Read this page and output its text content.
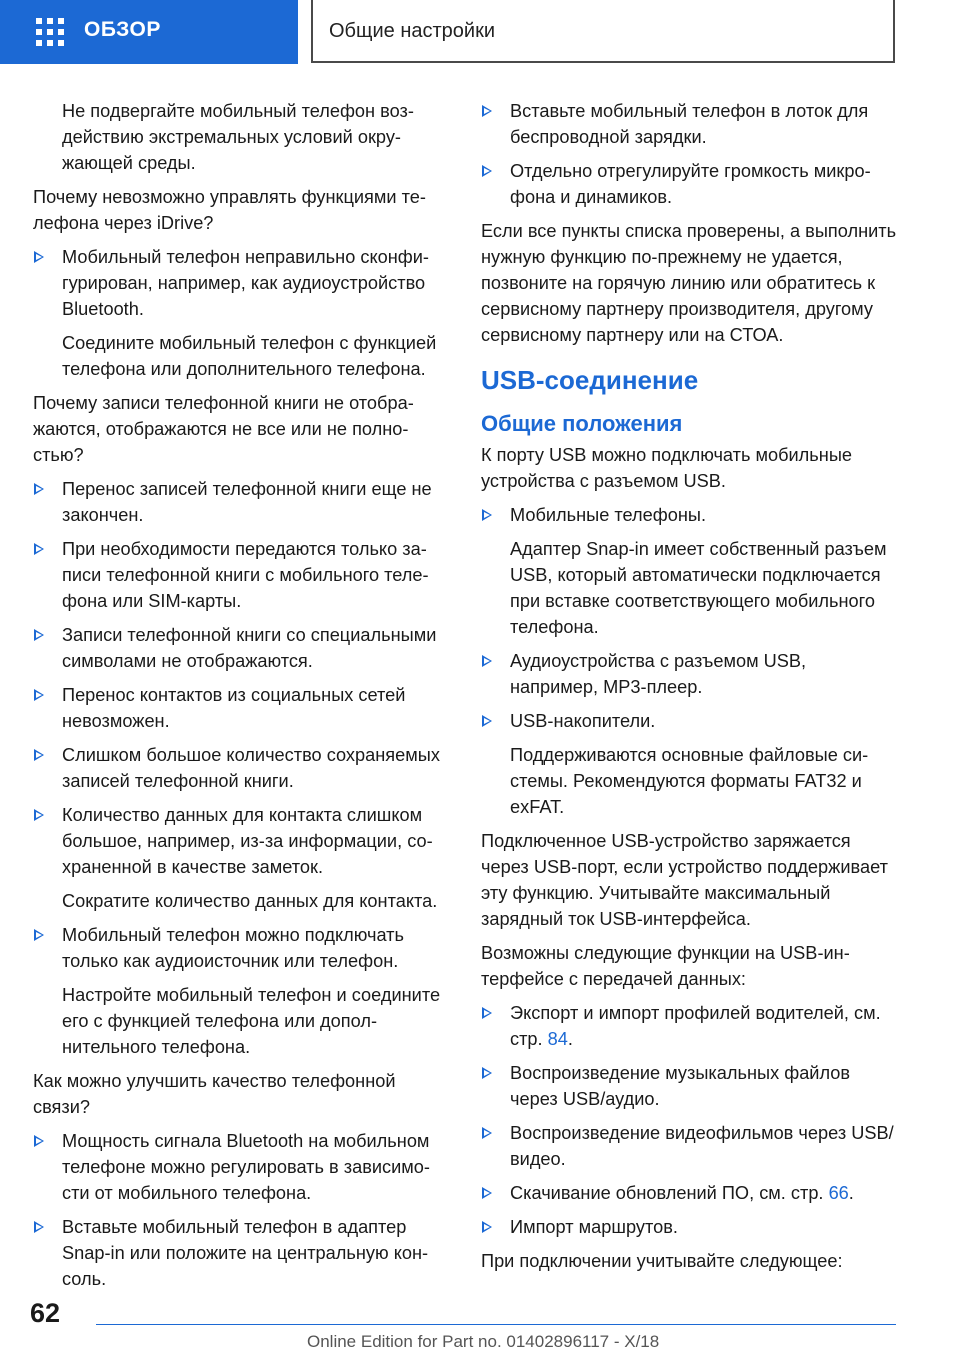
ОБЗОР	Общие настройки

Не подвергайте мобильный телефон воздействию экстремальных условий окружающей среды.

Почему невозможно управлять функциями телефона через iDrive?

Мобильный телефон неправильно сконфигурирован, например, как аудиоустройство Bluetooth.

Соедините мобильный телефон с функцией телефона или дополнительного телефона.

Почему записи телефонной книги не отображаются, отображаются не все или не полностью?

Перенос записей телефонной книги еще не закончен.
При необходимости передаются только записи телефонной книги с мобильного телефона или SIM-карты.
Записи телефонной книги со специальными символами не отображаются.
Перенос контактов из социальных сетей невозможен.
Слишком большое количество сохраняемых записей телефонной книги.
Количество данных для контакта слишком большое, например, из-за информации, сохраненной в качестве заметок.

Сократите количество данных для контакта.

Мобильный телефон можно подключать только как аудиоисточник или телефон.

Настройте мобильный телефон и соедините его с функцией телефона или дополнительного телефона.

Как можно улучшить качество телефонной связи?

Мощность сигнала Bluetooth на мобильном телефоне можно регулировать в зависимости от мобильного телефона.
Вставьте мобильный телефон в адаптер Snap-in или положите на центральную консоль.
Вставьте мобильный телефон в лоток для беспроводной зарядки.
Отдельно отрегулируйте громкость микрофона и динамиков.

Если все пункты списка проверены, а выполнить нужную функцию по-прежнему не удается, позвоните на горячую линию или обратитесь к сервисному партнеру производителя, другому сервисному партнеру или на СТОА.

USB-соединение
Общие положения

К порту USB можно подключать мобильные устройства с разъемом USB.

Мобильные телефоны.

Адаптер Snap-in имеет собственный разъем USB, который автоматически подключается при вставке соответствующего мобильного телефона.

Аудиоустройства с разъемом USB, например, MP3-плеер.
USB-накопители.

Поддерживаются основные файловые системы. Рекомендуются форматы FAT32 и exFAT.

Подключенное USB-устройство заряжается через USB-порт, если устройство поддерживает эту функцию. Учитывайте максимальный зарядный ток USB-интерфейса.

Возможны следующие функции на USB-интерфейсе с передачей данных:

Экспорт и импорт профилей водителей, см. стр. 84.
Воспроизведение музыкальных файлов через USB/аудио.
Воспроизведение видеофильмов через USB/видео.
Скачивание обновлений ПО, см. стр. 66.
Импорт маршрутов.

При подключении учитывайте следующее:

62
Online Edition for Part no. 01402896117 - X/18
